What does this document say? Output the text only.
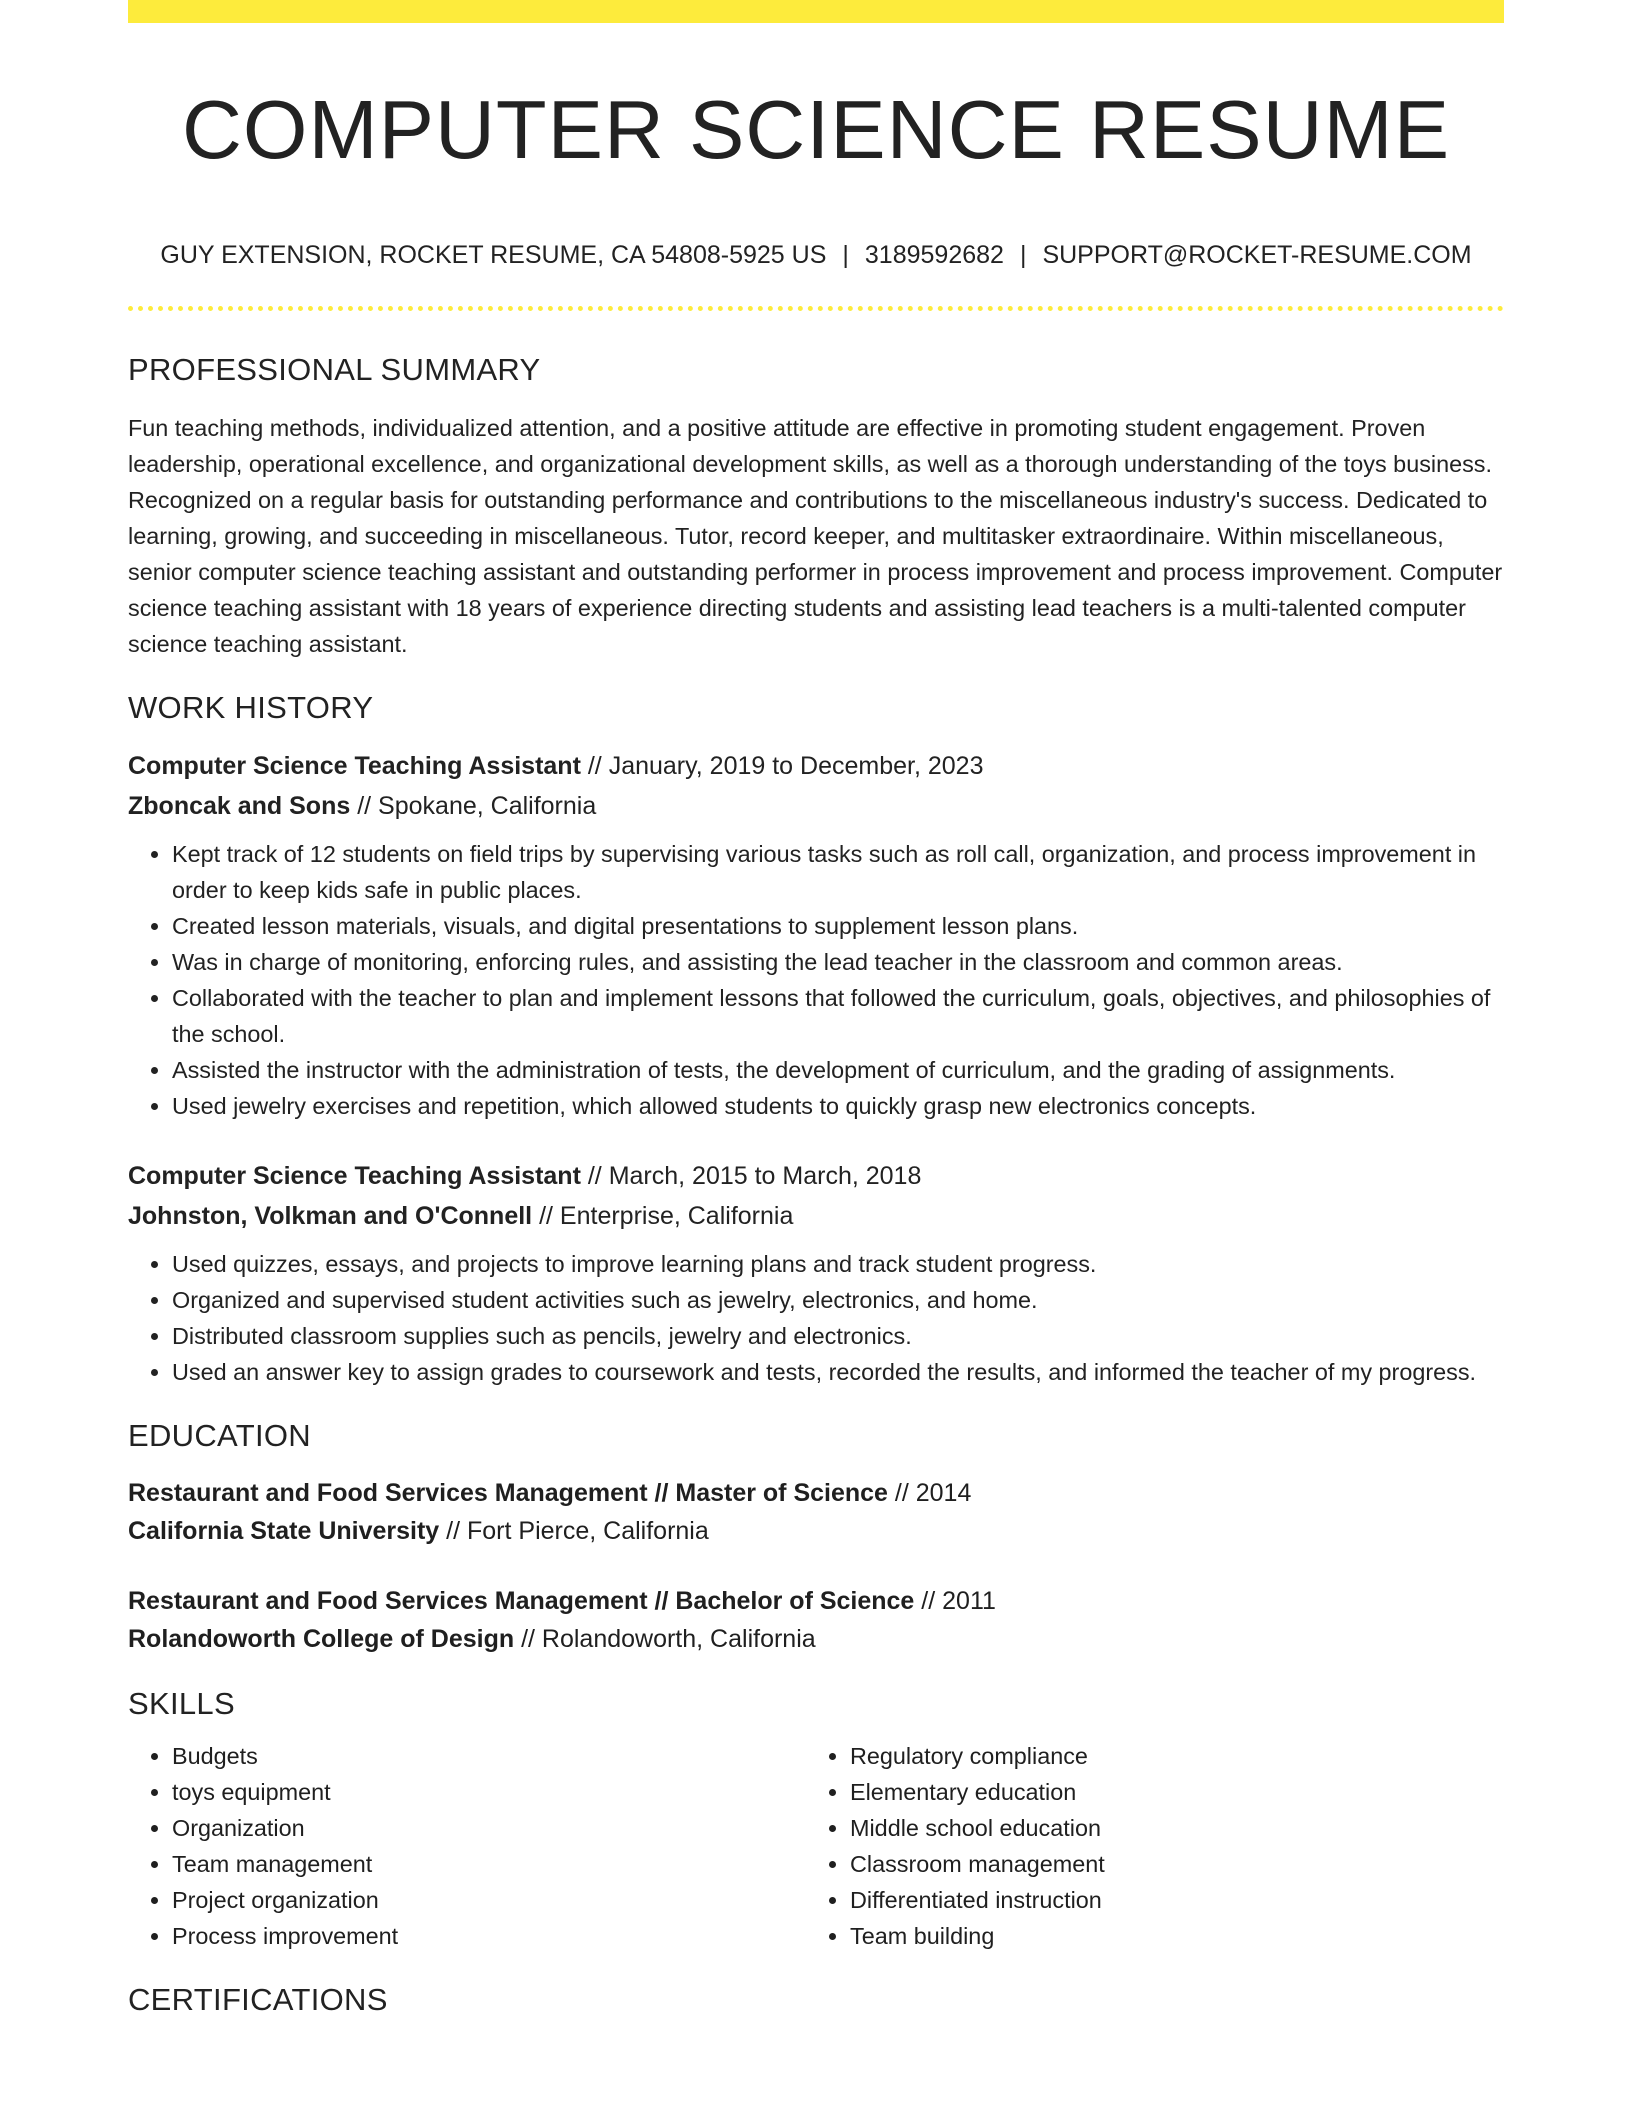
COMPUTER SCIENCE RESUME
GUY EXTENSION, ROCKET RESUME, CA 54808-5925 US | 3189592682 | SUPPORT@ROCKET-RESUME.COM
PROFESSIONAL SUMMARY

Fun teaching methods, individualized attention, and a positive attitude are effective in promoting student engagement. Proven leadership, operational excellence, and organizational development skills, as well as a thorough understanding of the toys business. Recognized on a regular basis for outstanding performance and contributions to the miscellaneous industry's success. Dedicated to learning, growing, and succeeding in miscellaneous. Tutor, record keeper, and multitasker extraordinaire. Within miscellaneous, senior computer science teaching assistant and outstanding performer in process improvement and process improvement. Computer science teaching assistant with 18 years of experience directing students and assisting lead teachers is a multi-talented computer science teaching assistant.

WORK HISTORY
Computer Science Teaching Assistant // January, 2019 to December, 2023
Zboncak and Sons // Spokane, California
• Kept track of 12 students on field trips by supervising various tasks such as roll call, organization, and process improvement in order to keep kids safe in public places.
• Created lesson materials, visuals, and digital presentations to supplement lesson plans.
• Was in charge of monitoring, enforcing rules, and assisting the lead teacher in the classroom and common areas.
• Collaborated with the teacher to plan and implement lessons that followed the curriculum, goals, objectives, and philosophies of the school.
• Assisted the instructor with the administration of tests, the development of curriculum, and the grading of assignments.
• Used jewelry exercises and repetition, which allowed students to quickly grasp new electronics concepts.
Computer Science Teaching Assistant // March, 2015 to March, 2018
Johnston, Volkman and O'Connell // Enterprise, California
• Used quizzes, essays, and projects to improve learning plans and track student progress.
• Organized and supervised student activities such as jewelry, electronics, and home.
• Distributed classroom supplies such as pencils, jewelry and electronics.
• Used an answer key to assign grades to coursework and tests, recorded the results, and informed the teacher of my progress.
EDUCATION
Restaurant and Food Services Management // Master of Science // 2014
California State University // Fort Pierce, California
Restaurant and Food Services Management // Bachelor of Science // 2011
Rolandoworth College of Design // Rolandoworth, California
SKILLS
• Budgets
• toys equipment
• Organization
• Team management
• Project organization
• Process improvement
• Regulatory compliance
• Elementary education
• Middle school education
• Classroom management
• Differentiated instruction
• Team building
CERTIFICATIONS
